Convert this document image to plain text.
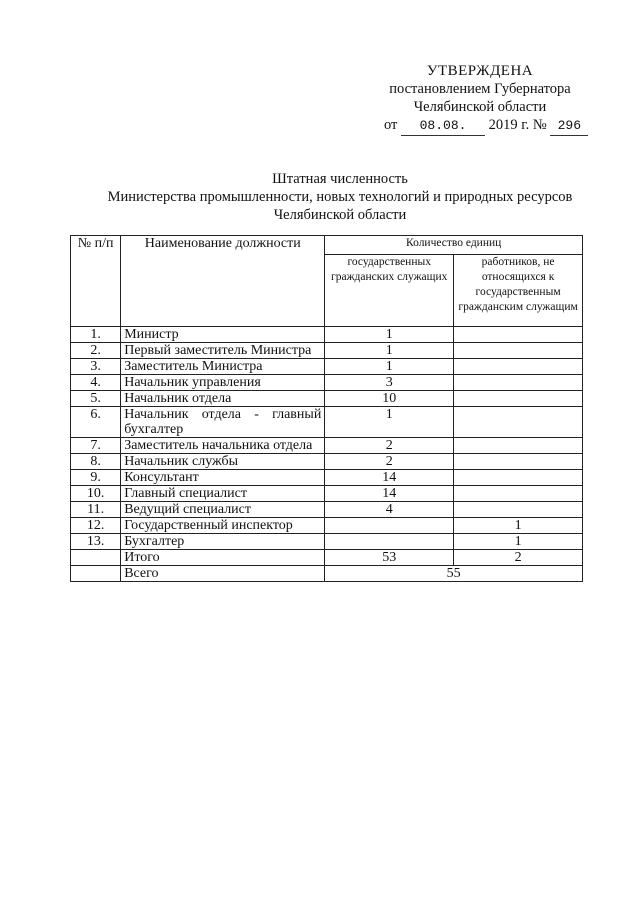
УТВЕРЖДЕНА
постановлением Губернатора
Челябинской области
от 08.08. 2019 г. № 296
Штатная численность
Министерства промышленности, новых технологий и природных ресурсов
Челябинской области
№ п/п	Наименование должности	Количество единиц	
		государственных гражданских служащих	работников, не относящихся к государственным гражданским служащим
1.	Министр	1	
2.	Первый заместитель Министра	1	
3.	Заместитель Министра	1	
4.	Начальник управления	3	
5.	Начальник отдела	10	
6.	Начальник отдела - главный бухгалтер	1	
7.	Заместитель начальника отдела	2	
8.	Начальник службы	2	
9.	Консультант	14	
10.	Главный специалист	14	
11.	Ведущий специалист	4	
12.	Государственный инспектор		1
13.	Бухгалтер		1
	Итого	53	2
	Всего	55	
